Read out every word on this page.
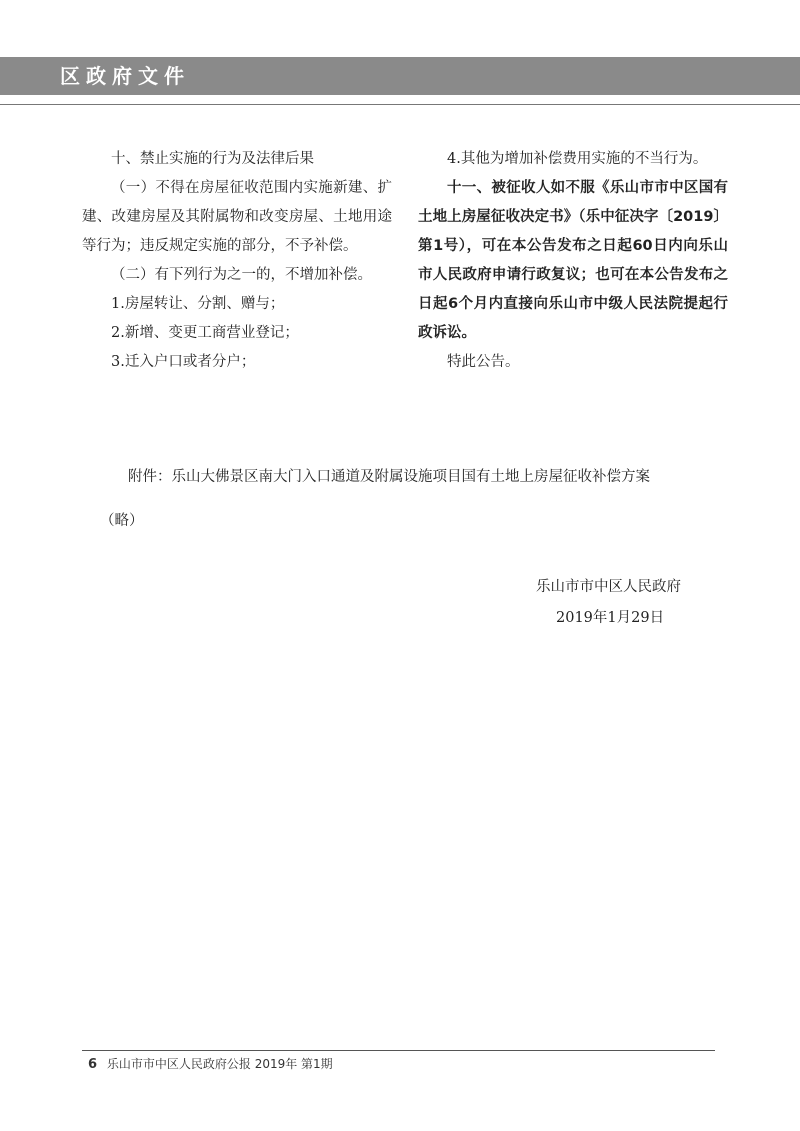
区政府文件

十、禁止实施的行为及法律后果

（一）不得在房屋征收范围内实施新建、扩建、改建房屋及其附属物和改变房屋、土地用途等行为；违反规定实施的部分，不予补偿。

（二）有下列行为之一的，不增加补偿。

1.房屋转让、分割、赠与；

2.新增、变更工商营业登记；

3.迁入户口或者分户；

4.其他为增加补偿费用实施的不当行为。

十一、被征收人如不服《乐山市市中区国有土地上房屋征收决定书》（乐中征决字〔2019〕第1号），可在本公告发布之日起60日内向乐山市人民政府申请行政复议；也可在本公告发布之日起6个月内直接向乐山市中级人民法院提起行政诉讼。

特此公告。

附件：乐山大佛景区南大门入口通道及附属设施项目国有土地上房屋征收补偿方案
（略）
乐山市市中区人民政府
2019年1月29日
6 乐山市市中区人民政府公报 2019年 第1期
